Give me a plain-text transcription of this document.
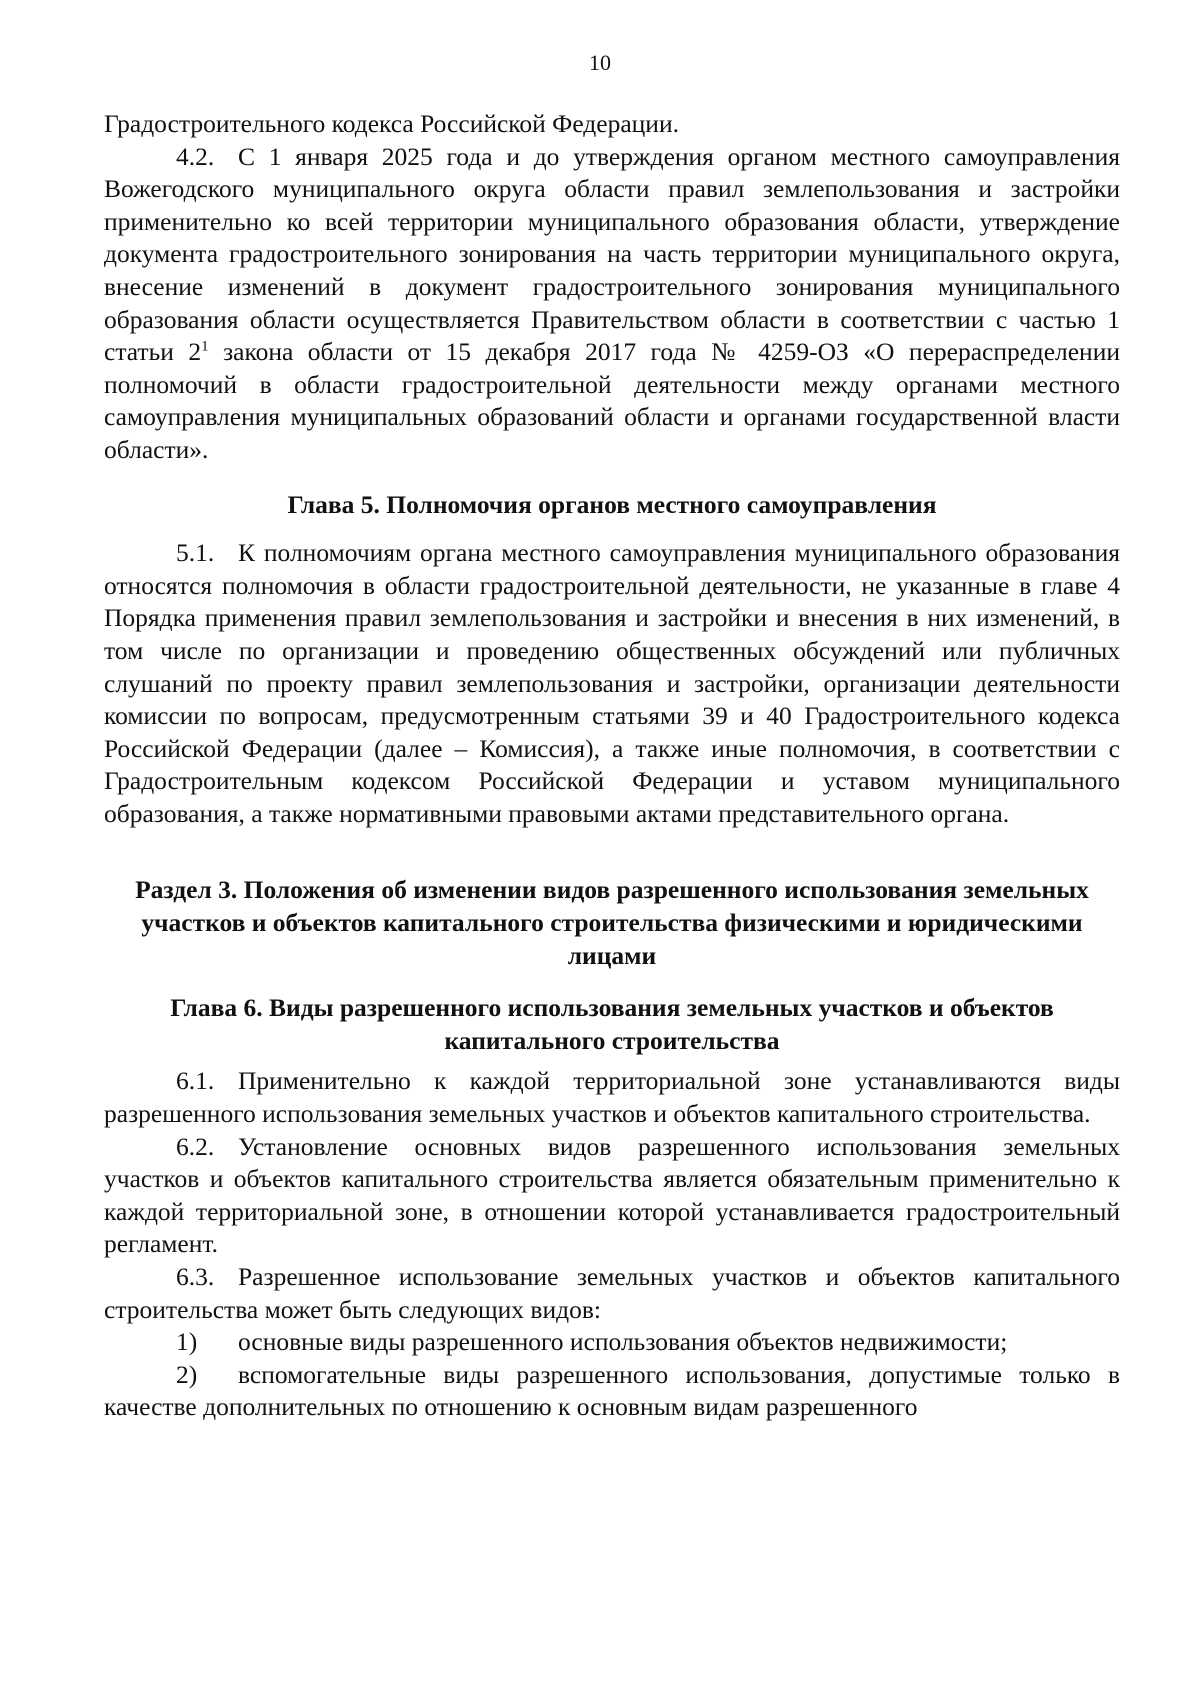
10

Градостроительного кодекса Российской Федерации.

4.2. С 1 января 2025 года и до утверждения органом местного самоуправления Вожегодского муниципального округа области правил землепользования и застройки применительно ко всей территории муниципального образования области, утверждение документа градостроительного зонирования на часть территории муниципального округа, внесение изменений в документ градостроительного зонирования муниципального образования области осуществляется Правительством области в соответствии с частью 1 статьи $2^1$ закона области от 15 декабря 2017 года № 4259-ОЗ «О перераспределении полномочий в области градостроительной деятельности между органами местного самоуправления муниципальных образований области и органами государственной власти области».

Глава 5. Полномочия органов местного самоуправления

5.1. К полномочиям органа местного самоуправления муниципального образования относятся полномочия в области градостроительной деятельности, не указанные в главе 4 Порядка применения правил землепользования и застройки и внесения в них изменений, в том числе по организации и проведению общественных обсуждений или публичных слушаний по проекту правил землепользования и застройки, организации деятельности комиссии по вопросам, предусмотренным статьями 39 и 40 Градостроительного кодекса Российской Федерации (далее – Комиссия), а также иные полномочия, в соответствии с Градостроительным кодексом Российской Федерации и уставом муниципального образования, а также нормативными правовыми актами представительного органа.

Раздел 3. Положения об изменении видов разрешенного использования земельных участков и объектов капитального строительства физическими и юридическими лицами

Глава 6. Виды разрешенного использования земельных участков и объектов капитального строительства

6.1. Применительно к каждой территориальной зоне устанавливаются виды разрешенного использования земельных участков и объектов капитального строительства.

6.2. Установление основных видов разрешенного использования земельных участков и объектов капитального строительства является обязательным применительно к каждой территориальной зоне, в отношении которой устанавливается градостроительный регламент.

6.3. Разрешенное использование земельных участков и объектов капитального строительства может быть следующих видов:

1) основные виды разрешенного использования объектов недвижимости;

2) вспомогательные виды разрешенного использования, допустимые только в качестве дополнительных по отношению к основным видам разрешенного
